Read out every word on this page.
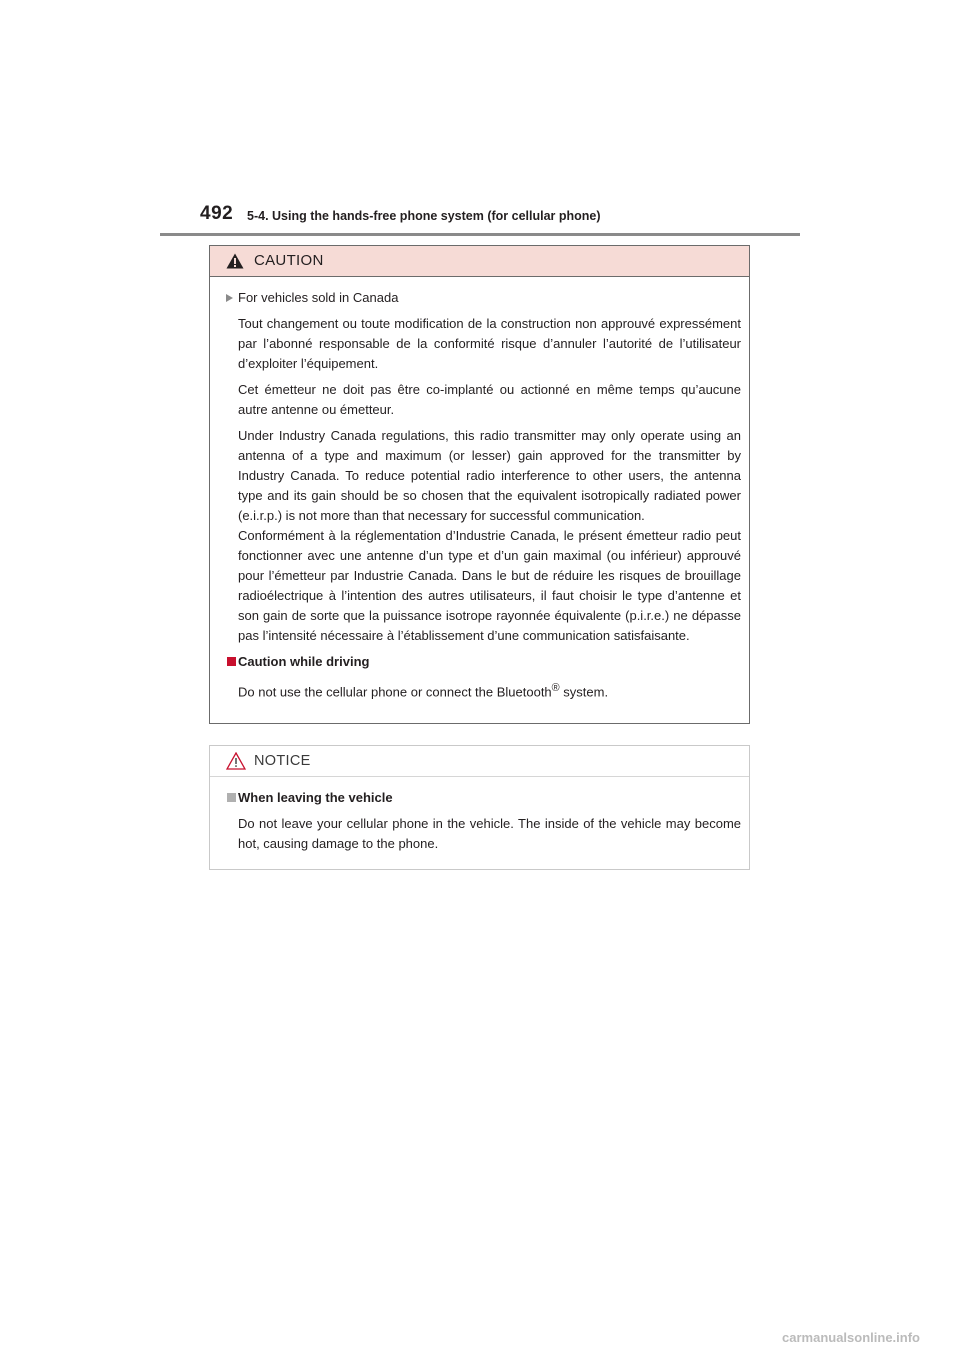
492 5-4. Using the hands-free phone system (for cellular phone)
CAUTION

For vehicles sold in Canada

Tout changement ou toute modification de la construction non approuvé expressément par l’abonné responsable de la conformité risque d’annuler l’autorité de l’utilisateur d’exploiter l’équipement.

Cet émetteur ne doit pas être co-implanté ou actionné en même temps qu’aucune autre antenne ou émetteur.

Under Industry Canada regulations, this radio transmitter may only operate using an antenna of a type and maximum (or lesser) gain approved for the transmitter by Industry Canada. To reduce potential radio interference to other users, the antenna type and its gain should be so chosen that the equivalent isotropically radiated power (e.i.r.p.) is not more than that necessary for successful communication.

Conformément à la réglementation d’Industrie Canada, le présent émetteur radio peut fonctionner avec une antenne d’un type et d’un gain maximal (ou inférieur) approuvé pour l’émetteur par Industrie Canada. Dans le but de réduire les risques de brouillage radioélectrique à l’intention des autres utilisateurs, il faut choisir le type d’antenne et son gain de sorte que la puissance isotrope rayonnée équivalente (p.i.r.e.) ne dépasse pas l’intensité nécessaire à l’établissement d’une communication satisfaisante.

Caution while driving

Do not use the cellular phone or connect the Bluetooth® system.

NOTICE

When leaving the vehicle

Do not leave your cellular phone in the vehicle. The inside of the vehicle may become hot, causing damage to the phone.

carmanualsonline.info
